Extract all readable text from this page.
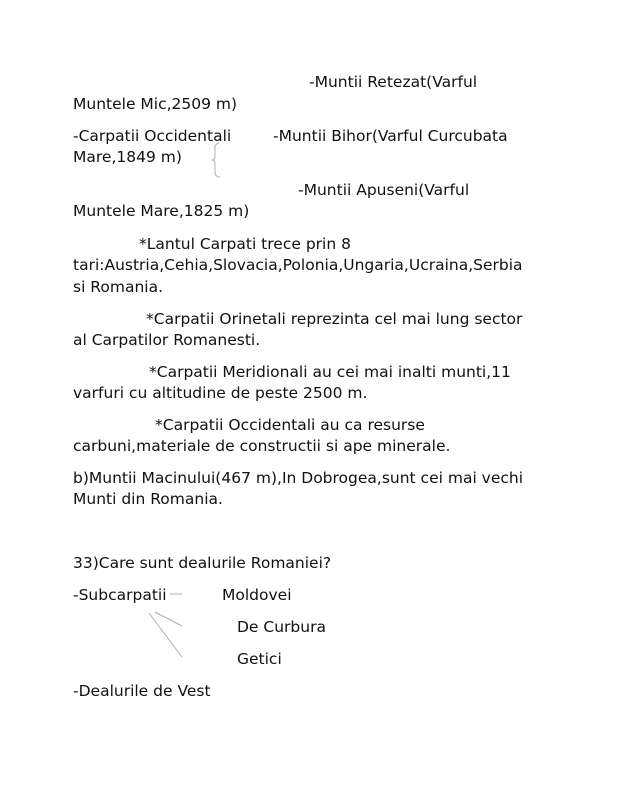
-Muntii Retezat(Varful
Muntele Mic,2509 m)
-Carpatii Occidentali	-Muntii Bihor(Varful Curcubata
Mare,1849 m)
-Muntii Apuseni(Varful
Muntele Mare,1825 m)
*Lantul Carpati trece prin 8
tari:Austria,Cehia,Slovacia,Polonia,Ungaria,Ucraina,Serbia
si Romania.
*Carpatii Orinetali reprezinta cel mai lung sector
al Carpatilor Romanesti.
*Carpatii Meridionali au cei mai inalti munti,11
varfuri cu altitudine de peste 2500 m.
*Carpatii Occidentali au ca resurse
carbuni,materiale de constructii si ape minerale.
b)Muntii Macinului(467 m),In Dobrogea,sunt cei mai vechi
Munti din Romania.
33)Care sunt dealurile Romaniei?
-Subcarpatii	Moldovei
De Curbura
Getici
-Dealurile de Vest
